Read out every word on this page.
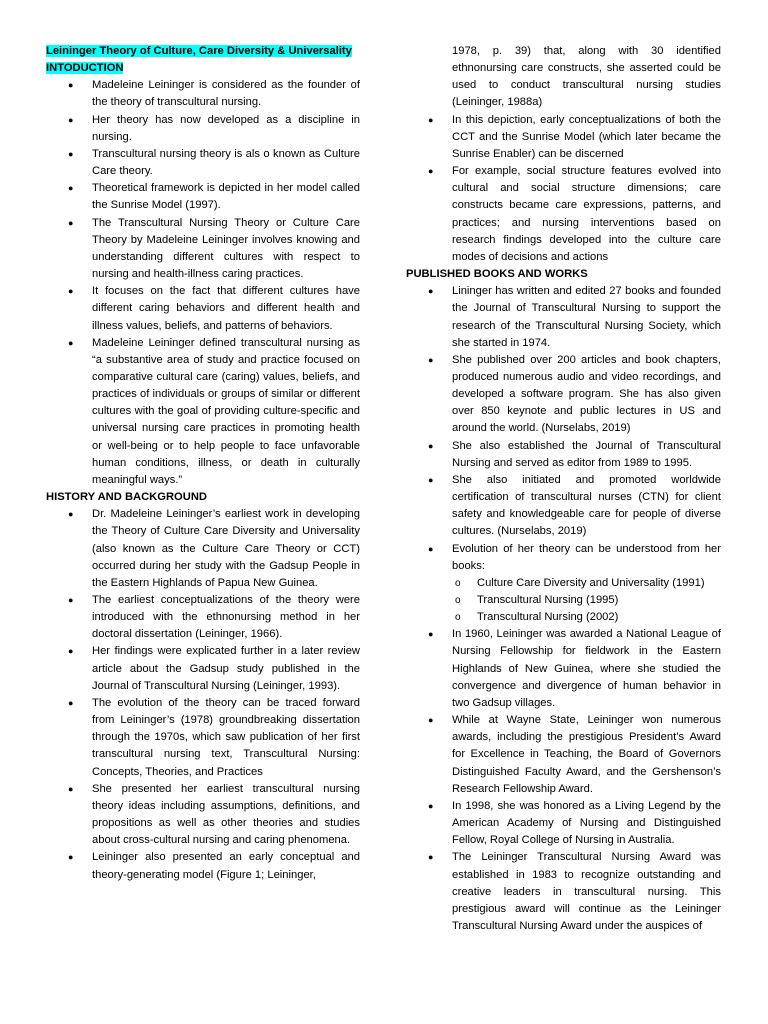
Leininger Theory of Culture, Care Diversity & Universality

INTODUCTION

● Madeleine Leininger is considered as the founder of the theory of transcultural nursing.

● Her theory has now developed as a discipline in nursing.

● Transcultural nursing theory is als o known as Culture Care theory.

● Theoretical framework is depicted in her model called the Sunrise Model (1997).

● The Transcultural Nursing Theory or Culture Care Theory by Madeleine Leininger involves knowing and understanding different cultures with respect to nursing and health-illness caring practices.

● It focuses on the fact that different cultures have different caring behaviors and different health and illness values, beliefs, and patterns of behaviors.

● Madeleine Leininger defined transcultural nursing as “a substantive area of study and practice focused on comparative cultural care (caring) values, beliefs, and practices of individuals or groups of similar or different cultures with the goal of providing culture-specific and universal nursing care practices in promoting health or well-being or to help people to face unfavorable human conditions, illness, or death in culturally meaningful ways.”

HISTORY AND BACKGROUND

● Dr. Madeleine Leininger’s earliest work in developing the Theory of Culture Care Diversity and Universality (also known as the Culture Care Theory or CCT) occurred during her study with the Gadsup People in the Eastern Highlands of Papua New Guinea.

● The earliest conceptualizations of the theory were introduced with the ethnonursing method in her doctoral dissertation (Leininger, 1966).

● Her findings were explicated further in a later review article about the Gadsup study published in the Journal of Transcultural Nursing (Leininger, 1993).

● The evolution of the theory can be traced forward from Leininger’s (1978) groundbreaking dissertation through the 1970s, which saw publication of her first transcultural nursing text, Transcultural Nursing: Concepts, Theories, and Practices

● She presented her earliest transcultural nursing theory ideas including assumptions, definitions, and propositions as well as other theories and studies about cross-cultural nursing and caring phenomena.

● Leininger also presented an early conceptual and theory-generating model (Figure 1; Leininger,

1978, p. 39) that, along with 30 identified ethnonursing care constructs, she asserted could be used to conduct transcultural nursing studies (Leininger, 1988a)

● In this depiction, early conceptualizations of both the CCT and the Sunrise Model (which later became the Sunrise Enabler) can be discerned

● For example, social structure features evolved into cultural and social structure dimensions; care constructs became care expressions, patterns, and practices; and nursing interventions based on research findings developed into the culture care modes of decisions and actions

PUBLISHED BOOKS AND WORKS

● Lininger has written and edited 27 books and founded the Journal of Transcultural Nursing to support the research of the Transcultural Nursing Society, which she started in 1974.

● She published over 200 articles and book chapters, produced numerous audio and video recordings, and developed a software program. She has also given over 850 keynote and public lectures in US and around the world. (Nurselabs, 2019)

● She also established the Journal of Transcultural Nursing and served as editor from 1989 to 1995.

● She also initiated and promoted worldwide certification of transcultural nurses (CTN) for client safety and knowledgeable care for people of diverse cultures. (Nurselabs, 2019)

● Evolution of her theory can be understood from her books:

o Culture Care Diversity and Universality (1991)

o Transcultural Nursing (1995)

o Transcultural Nursing (2002)

● In 1960, Leininger was awarded a National League of Nursing Fellowship for fieldwork in the Eastern Highlands of New Guinea, where she studied the convergence and divergence of human behavior in two Gadsup villages.

● While at Wayne State, Leininger won numerous awards, including the prestigious President’s Award for Excellence in Teaching, the Board of Governors Distinguished Faculty Award, and the Gershenson’s Research Fellowship Award.

● In 1998, she was honored as a Living Legend by the American Academy of Nursing and Distinguished Fellow, Royal College of Nursing in Australia.

● The Leininger Transcultural Nursing Award was established in 1983 to recognize outstanding and creative leaders in transcultural nursing. This prestigious award will continue as the Leininger Transcultural Nursing Award under the auspices of
